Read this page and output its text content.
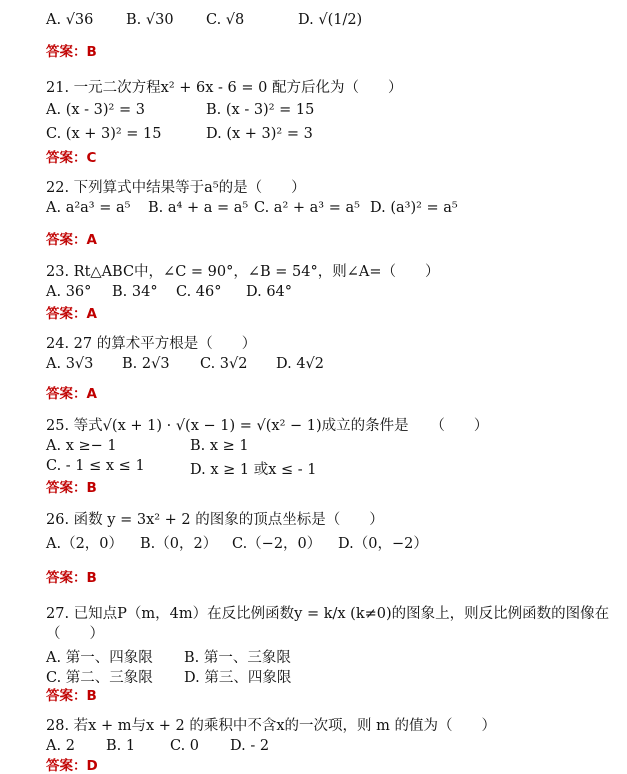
A. √36 B. √30 C. √8	D. √(1/2)
答案：B
21. 一元二次方程x² + 6x - 6 = 0 配方后化为（　　）
A. (x - 3)² = 3	B. (x - 3)² = 15
C. (x + 3)² = 15	D. (x + 3)² = 3
答案：C
22. 下列算式中结果等于a⁵的是（　　）
A. a²a³ = a⁵ B. a⁴ + a = a⁵ C. a² + a³ = a⁵ D. (a³)² = a⁵
答案：A
23. Rt△ABC中，∠C = 90°，∠B = 54°，则∠A=（　　）
A. 36° B. 34° C. 46° D. 64°
答案：A
24. 27 的算术平方根是（　　）
A. 3√3 B. 2√3 C. 3√2 D. 4√2
答案：A
25. 等式√(x + 1) · √(x − 1) = √(x² − 1)成立的条件是　　（　　）
A. x ≥− 1	B. x ≥ 1
C. - 1 ≤ x ≤ 1	D. x ≥ 1 或x ≤ - 1
答案：B
26. 函数 y = 3x² + 2 的图象的顶点坐标是（　　）
A.（2，0） B.（0，2） C.（−2，0） D.（0，−2）
答案：B
27. 已知点P（m，4m）在反比例函数y = k/x (k≠0)的图象上，则反比例函数的图像在
（　　）
A. 第一、四象限 B. 第一、三象限
C. 第二、三象限 D. 第三、四象限
答案：B
28. 若x + m与x + 2 的乘积中不含x的一次项，则 m 的值为（　　）
A. 2 B. 1 C. 0 D. - 2
答案：D
